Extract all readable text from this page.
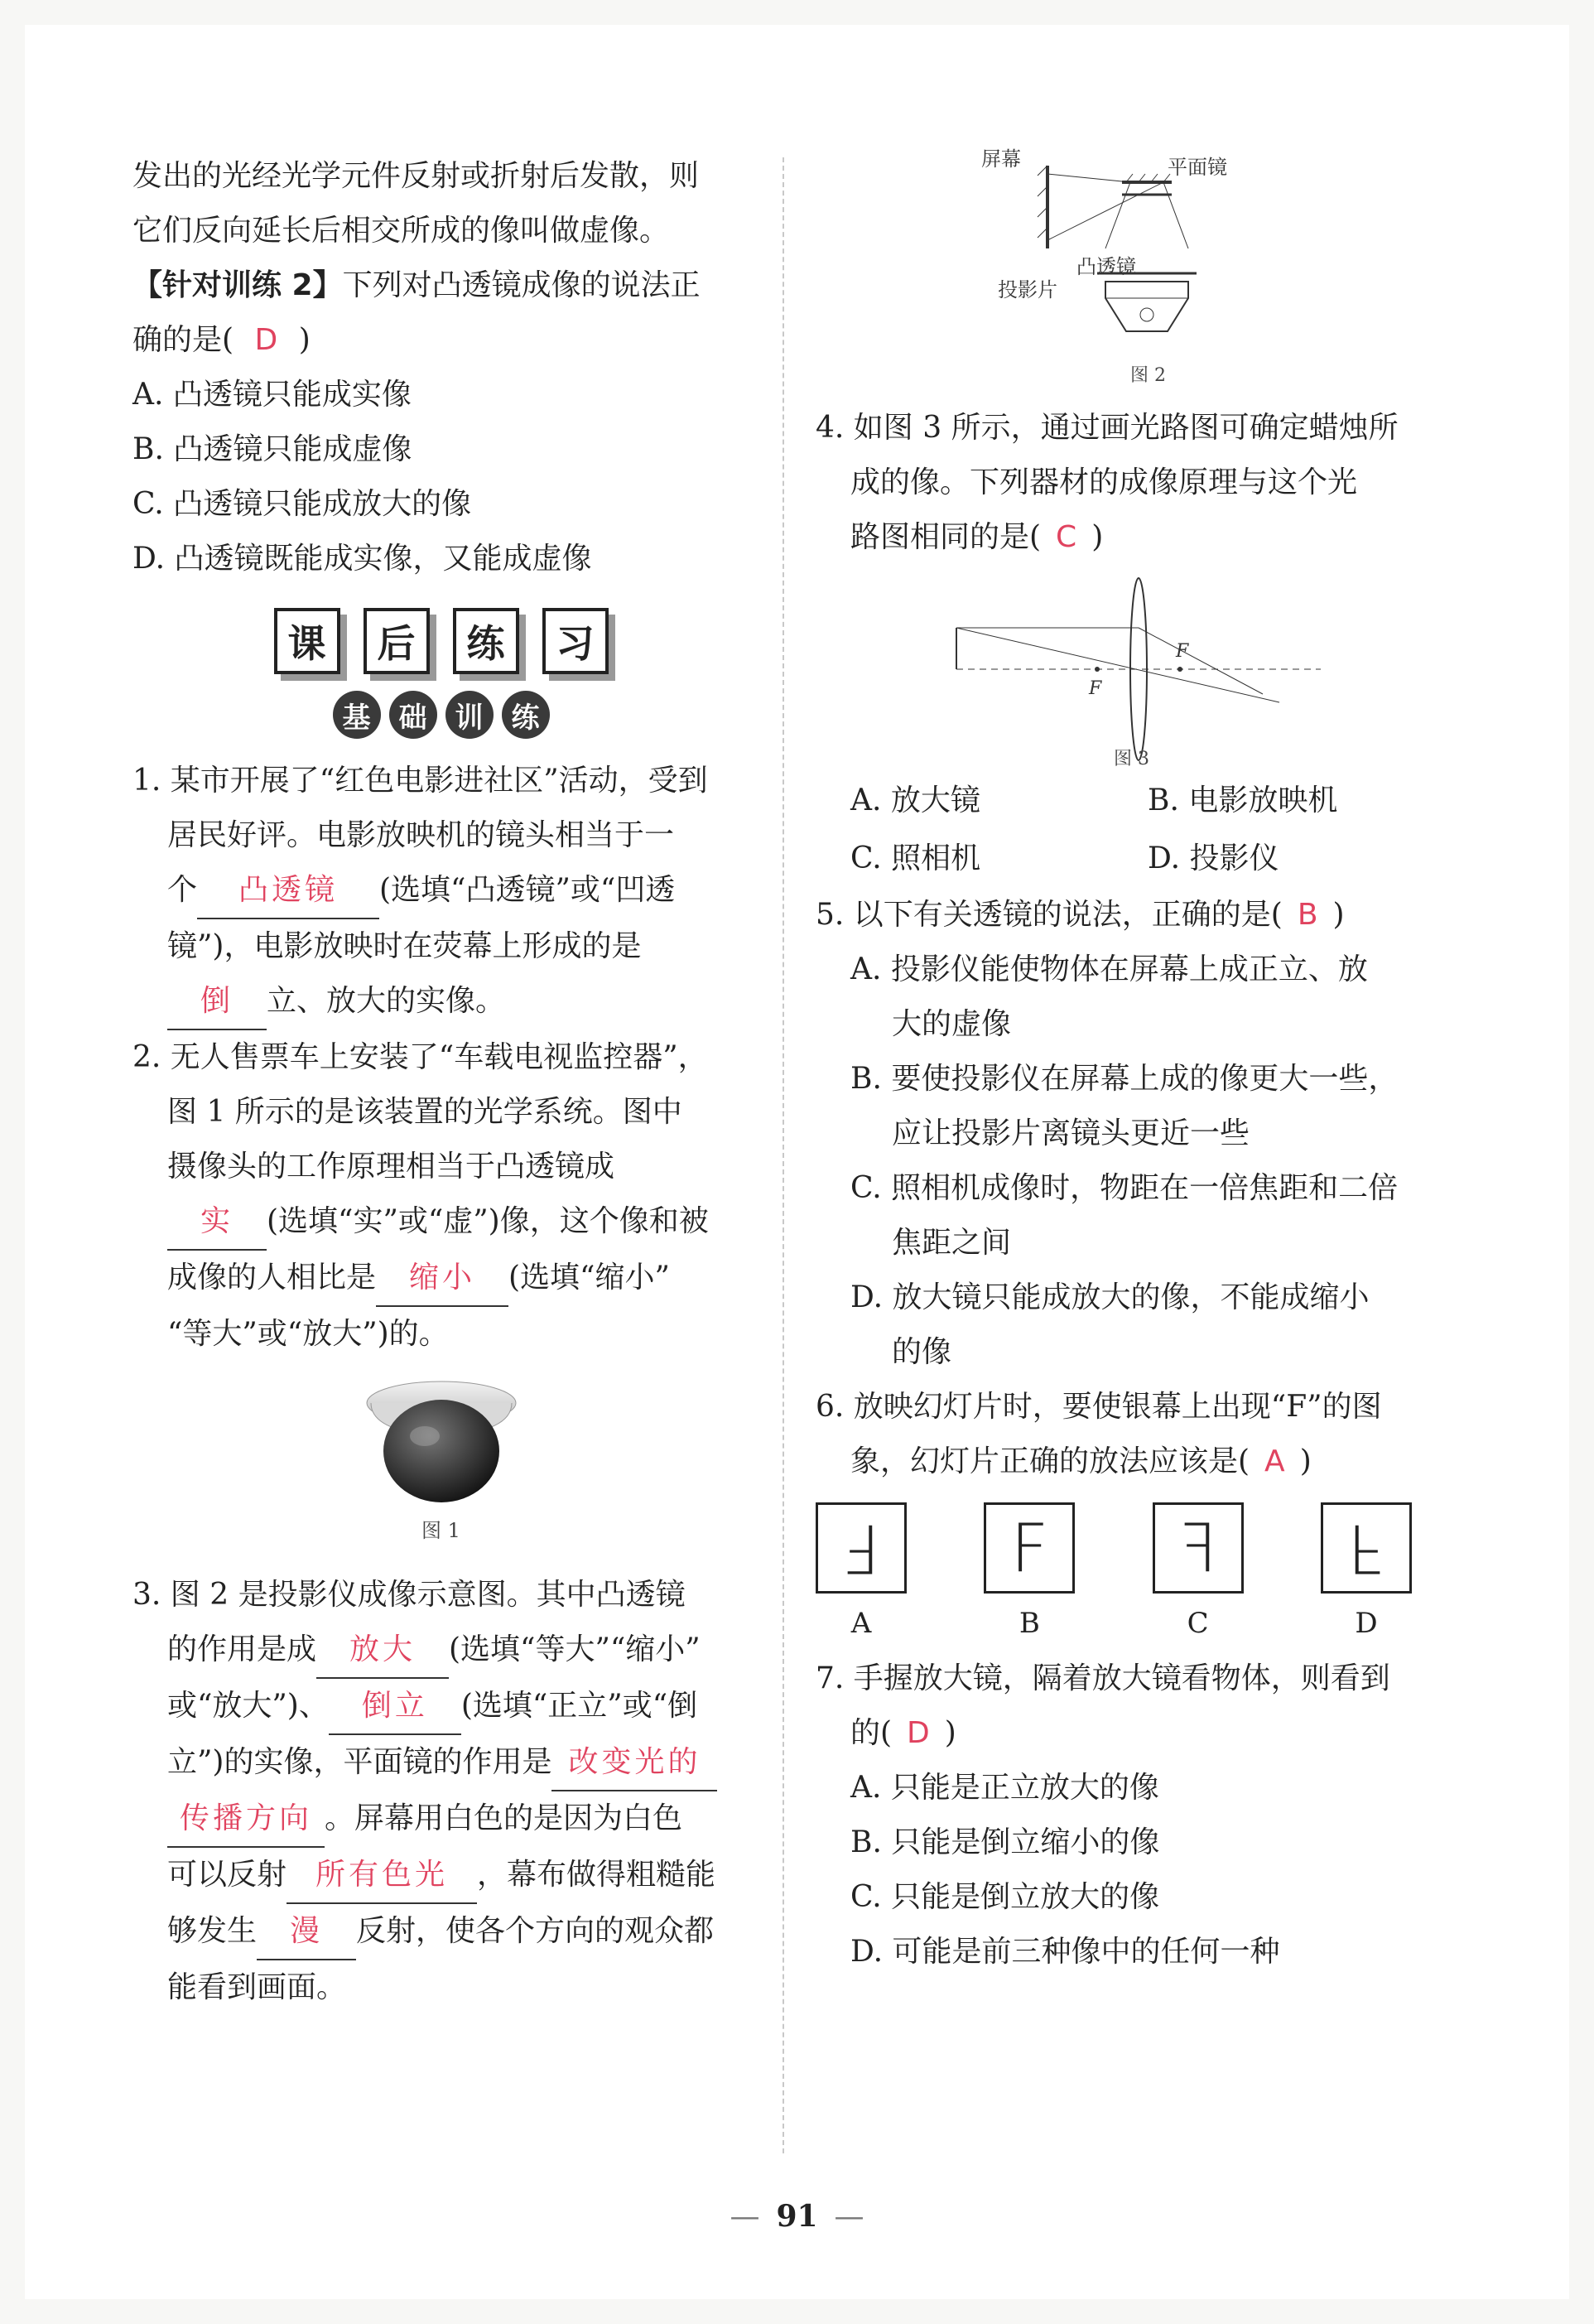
发出的光经光学元件反射或折射后发散，则
它们反向延长后相交所成的像叫做虚像。
【针对训练 2】下列对凸透镜成像的说法正
确的是( D )
A. 凸透镜只能成实像
B. 凸透镜只能成虚像
C. 凸透镜只能成放大的像
D. 凸透镜既能成实像，又能成虚像
课	后	练	习
基	础	训	练
1. 某市开展了“红色电影进社区”活动，受到
居民好评。电影放映机的镜头相当于一
个 凸透镜 (选填“凸透镜”或“凹透
镜”)，电影放映时在荧幕上形成的是
倒 立、放大的实像。
2. 无人售票车上安装了“车载电视监控器”，
图 1 所示的是该装置的光学系统。图中
摄像头的工作原理相当于凸透镜成
实 (选填“实”或“虚”)像，这个像和被
成像的人相比是 缩小 (选填“缩小”
“等大”或“放大”)的。
图 1
3. 图 2 是投影仪成像示意图。其中凸透镜
的作用是成 放大 (选填“等大”“缩小”
或“放大”)、 倒立 (选填“正立”或“倒
立”)的实像，平面镜的作用是 改变光的
传播方向 。屏幕用白色的是因为白色
可以反射 所有色光 ，幕布做得粗糙能
够发生 漫 反射，使各个方向的观众都
能看到画面。
屏幕	平面镜
凸透镜
投影片
图 2
4. 如图 3 所示，通过画光路图可确定蜡烛所
成的像。下列器材的成像原理与这个光
路图相同的是( C )
F
F
图 3
A. 放大镜	B. 电影放映机
C. 照相机	D. 投影仪
5. 以下有关透镜的说法，正确的是( B )
A. 投影仪能使物体在屏幕上成正立、放
大的虚像
B. 要使投影仪在屏幕上成的像更大一些，
应让投影片离镜头更近一些
C. 照相机成像时，物距在一倍焦距和二倍
焦距之间
D. 放大镜只能成放大的像，不能成缩小
的像
6. 放映幻灯片时，要使银幕上出现“F”的图
象，幻灯片正确的放法应该是( A )
F
A
F
B
F
C
F
D
7. 手握放大镜，隔着放大镜看物体，则看到
的( D )
A. 只能是正立放大的像
B. 只能是倒立缩小的像
C. 只能是倒立放大的像
D. 可能是前三种像中的任何一种
— 91 —
